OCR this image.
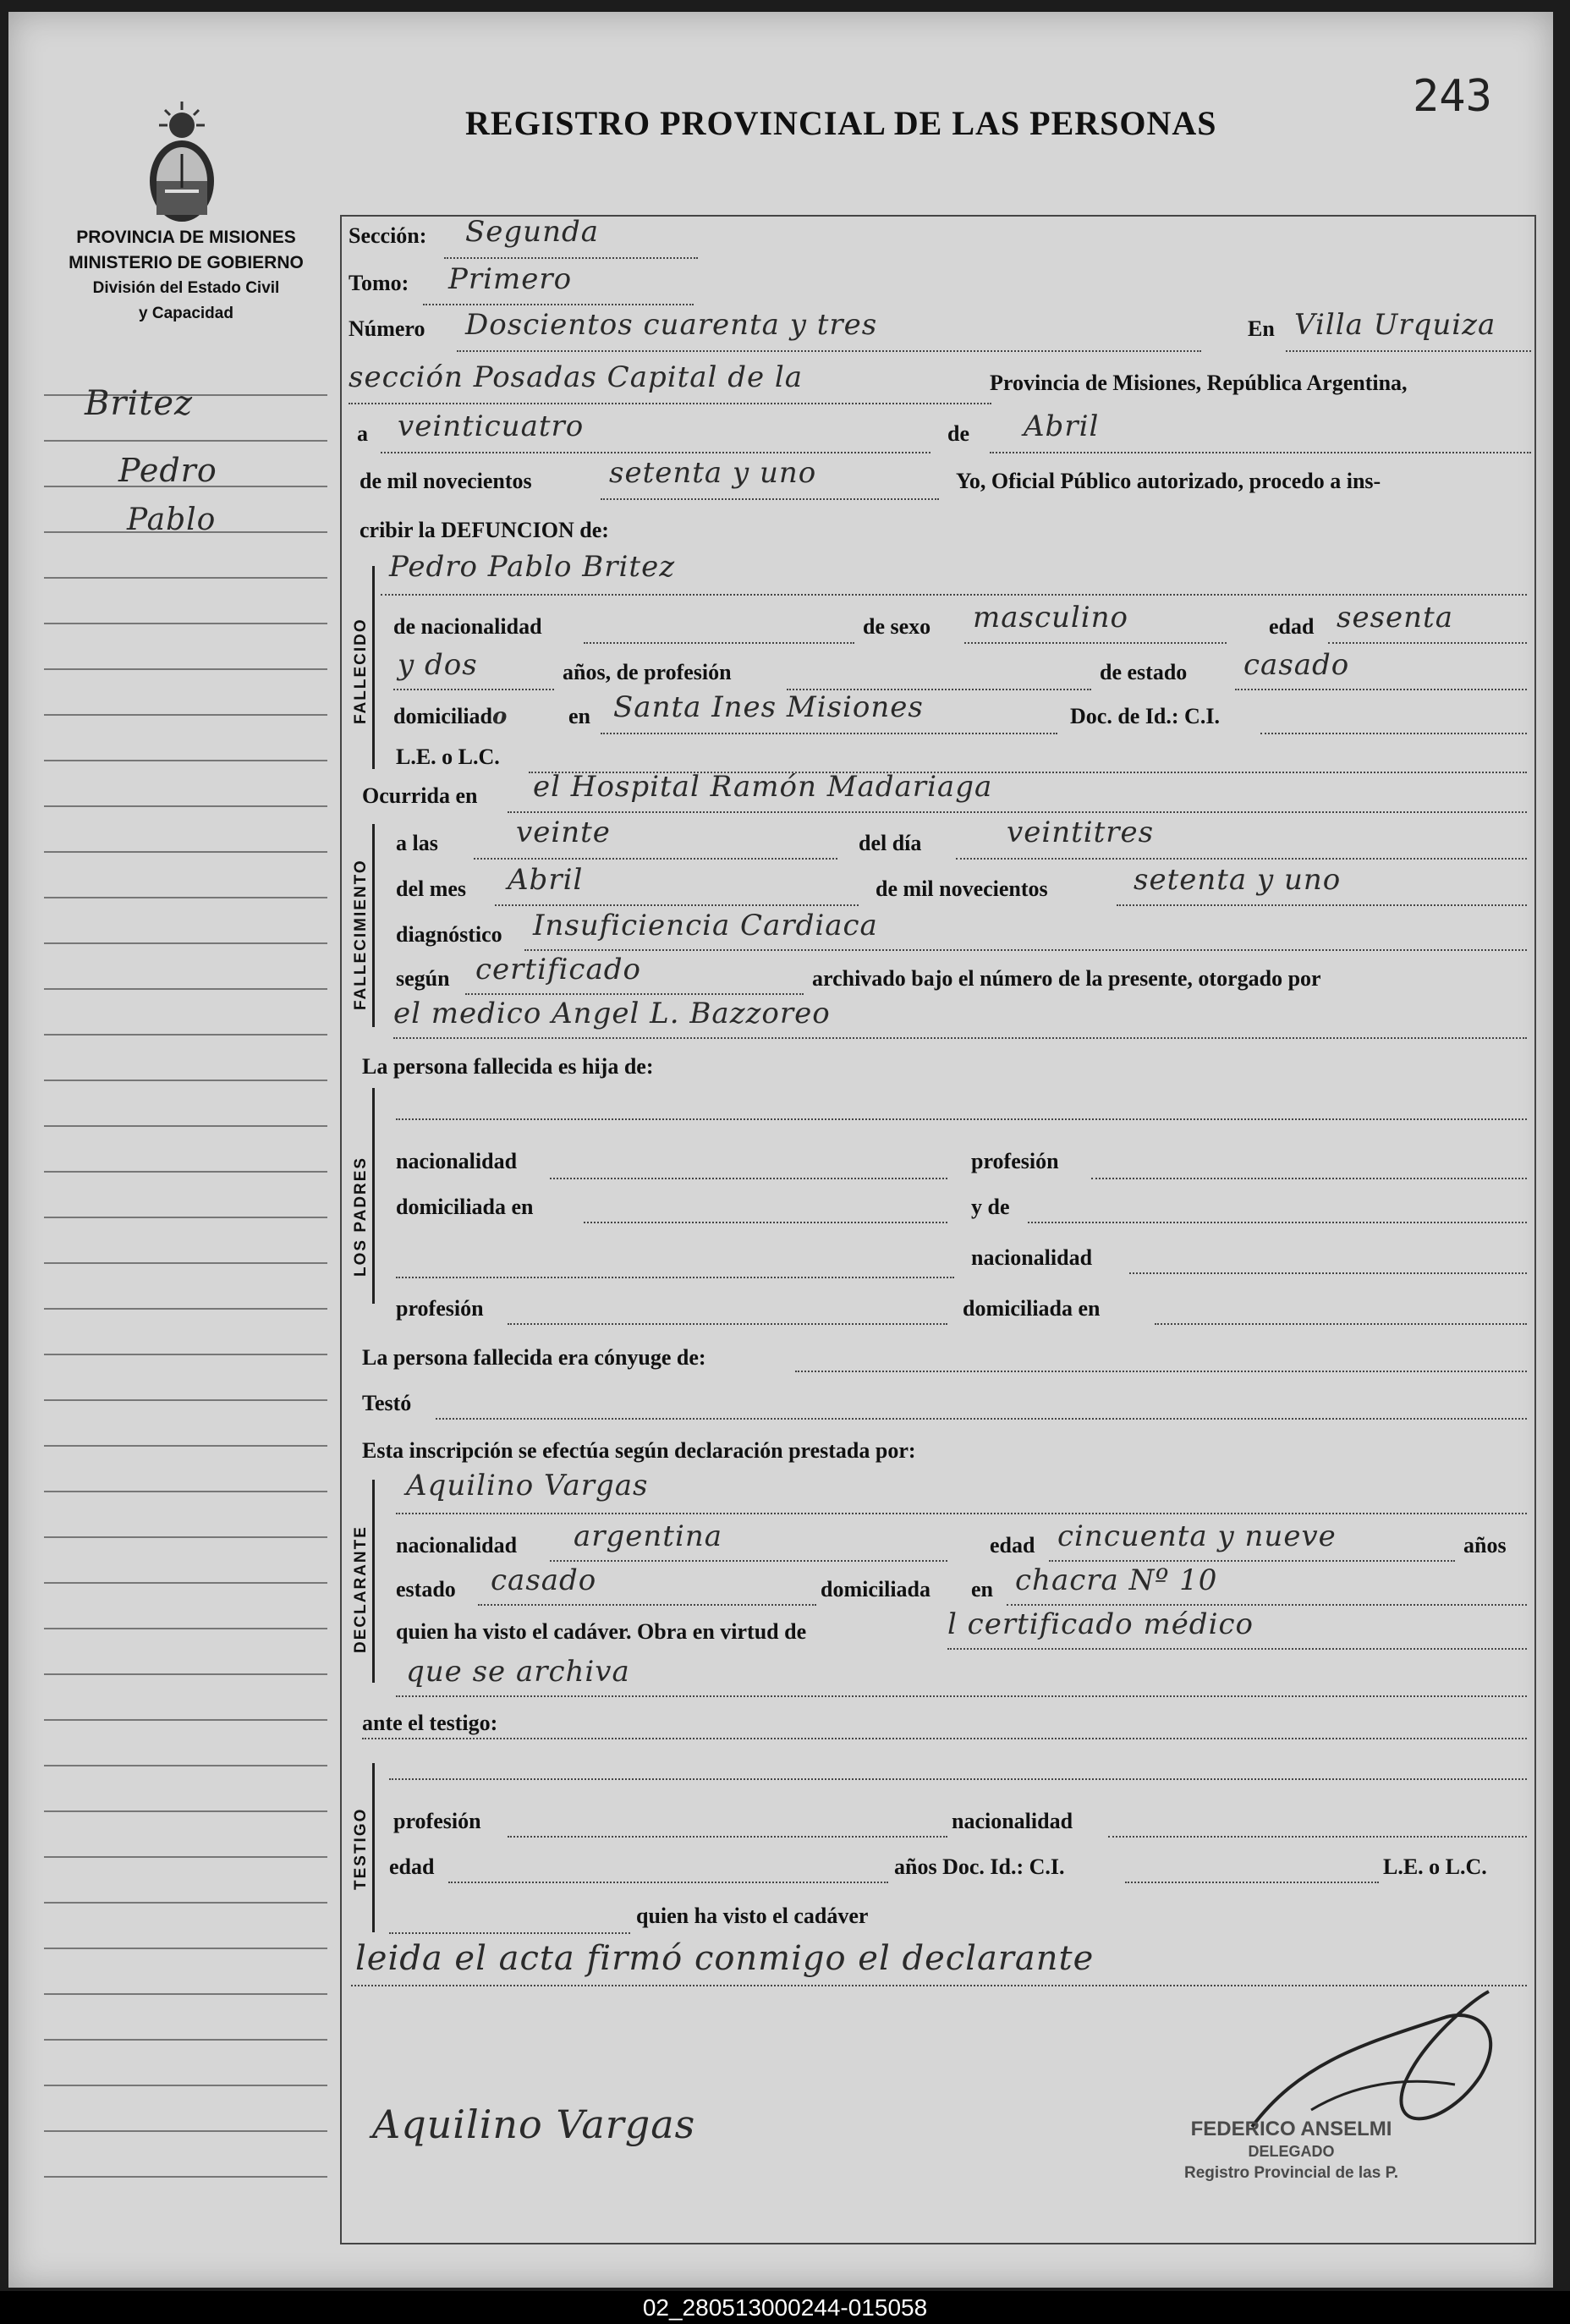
PROVINCIA DE MISIONES
MINISTERIO DE GOBIERNO
División del Estado Civil
y Capacidad
Britez
Pedro
Pablo
REGISTRO PROVINCIAL DE LAS PERSONAS
243
Sección: Segunda
Tomo: Primero
Número Doscientos cuarenta y tres	En Villa Urquiza
sección Posadas Capital de la	Provincia de Misiones, República Argentina,
a veinticuatro	de Abril
de mil novecientos	setenta y uno	Yo, Oficial Público autorizado, procedo a ins-
cribir la DEFUNCION de:
Pedro Pablo Britez
FALLECIDO de nacionalidad	de sexo masculino	edad sesenta
y dos	años, de profesión	de estado casado
domiciliado	en Santa Ines Misiones	Doc. de Id.: C.I.
L.E. o L.C.
Ocurrida en el Hospital Ramón Madariaga
FALLECIMIENTO
a las	veinte	del día	veintitres
del mes Abril	de mil novecientos	setenta y uno
diagnóstico Insuficiencia Cardiaca
según certificado	archivado bajo el número de la presente, otorgado por
el medico Angel L. Bazzoreo
La persona fallecida es hija de:
LOS PADRES nacionalidad	profesión
domiciliada en	y de
nacionalidad
profesión	domiciliada en
La persona fallecida era cónyuge de:
Testó
Esta inscripción se efectúa según declaración prestada por:
DECLARANTE
Aquilino Vargas
nacionalidad argentina	edad cincuenta y nueve	años
estado casado	domiciliada en chacra Nº 10
quien ha visto el cadáver. Obra en virtud de	l certificado médico
que se archiva
ante el testigo:
TESTIGO profesión	nacionalidad
edad	años Doc. Id.: C.I.	L.E. o L.C.
quien ha visto el cadáver
leida el acta firmó conmigo el declarante
Aquilino Vargas	FEDERICO ANSELMI
DELEGADO
Registro Provincial de las P.
02_280513000244-015058
